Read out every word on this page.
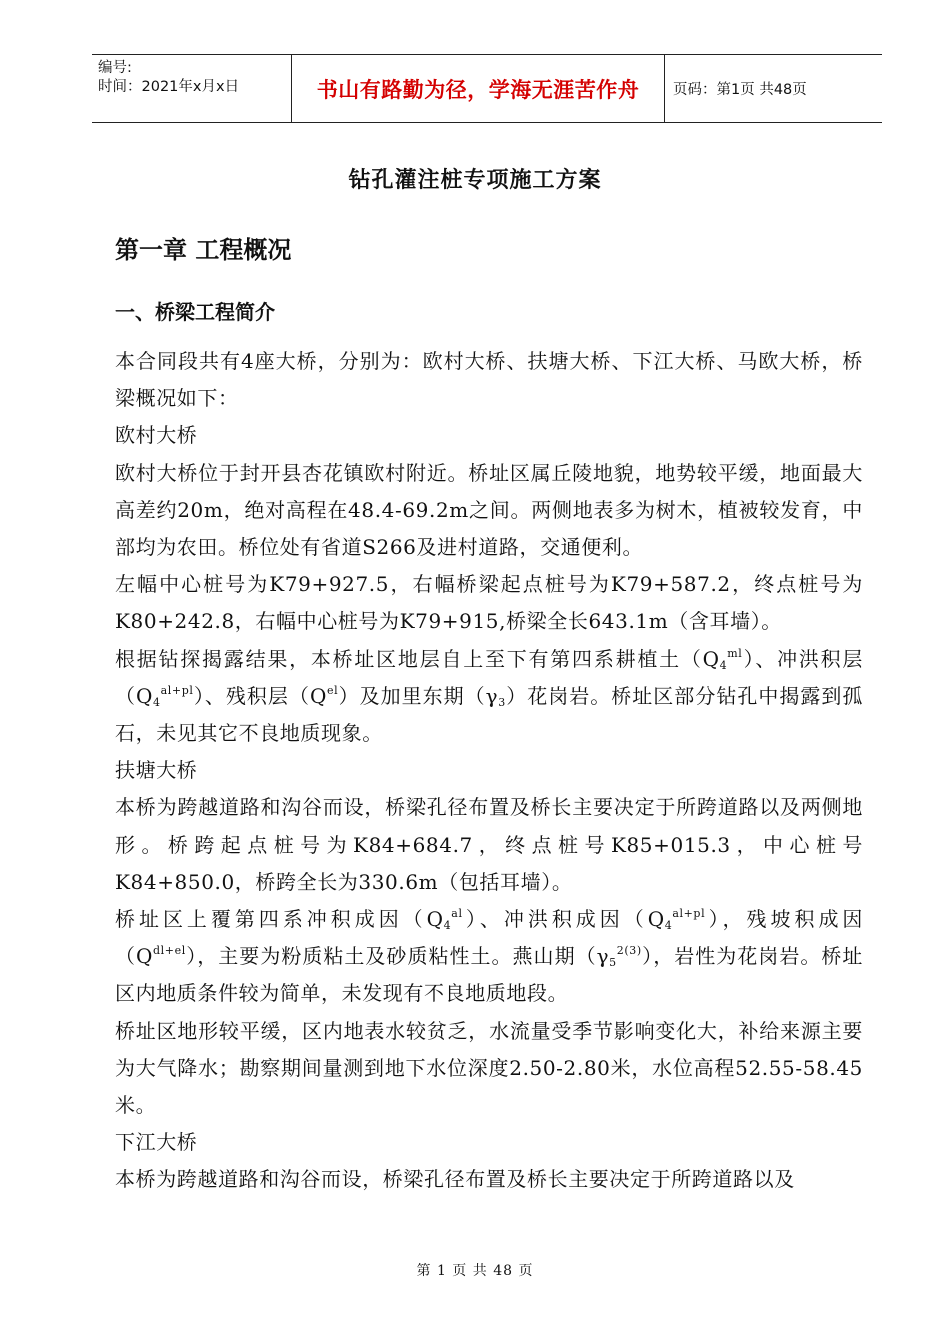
编号:
时间：2021年x月x日	书山有路勤为径，学海无涯苦作舟	页码：第1页 共48页
钻孔灌注桩专项施工方案
第一章 工程概况
一、桥梁工程简介

本合同段共有4座大桥，分别为：欧村大桥、扶塘大桥、下江大桥、马欧大桥，桥梁概况如下：

欧村大桥

欧村大桥位于封开县杏花镇欧村附近。桥址区属丘陵地貌，地势较平缓，地面最大高差约20m，绝对高程在48.4-69.2m之间。两侧地表多为树木，植被较发育，中部均为农田。桥位处有省道S266及进村道路，交通便利。

左幅中心桩号为K79+927.5，右幅桥梁起点桩号为K79+587.2，终点桩号为K80+242.8，右幅中心桩号为K79+915,桥梁全长643.1m（含耳墙）。

根据钻探揭露结果，本桥址区地层自上至下有第四系耕植土$(Q_4^{ml})$、冲洪积层$(Q_4^{al+pl})$、残积层$(Q^{el})$及加里东期$(\gamma_3)$花岗岩。桥址区部分钻孔中揭露到孤石，未见其它不良地质现象。

扶塘大桥

本桥为跨越道路和沟谷而设，桥梁孔径布置及桥长主要决定于所跨道路以及两侧地形。桥跨起点桩号为K84+684.7，终点桩号K85+015.3，中心桩号K84+850.0，桥跨全长为330.6m（包括耳墙）。

桥址区上覆第四系冲积成因$(Q_4^{al})$、冲洪积成因$(Q_4^{al+pl})$，残坡积成因$(Q^{dl+el})$，主要为粉质粘土及砂质粘性土。燕山期$(\gamma_5^{2(3)})$，岩性为花岗岩。桥址区内地质条件较为简单，未发现有不良地质地段。

桥址区地形较平缓，区内地表水较贫乏，水流量受季节影响变化大，补给来源主要为大气降水；勘察期间量测到地下水位深度2.50-2.80米，水位高程52.55-58.45米。

下江大桥

本桥为跨越道路和沟谷而设，桥梁孔径布置及桥长主要决定于所跨道路以及

第 1 页 共 48 页
